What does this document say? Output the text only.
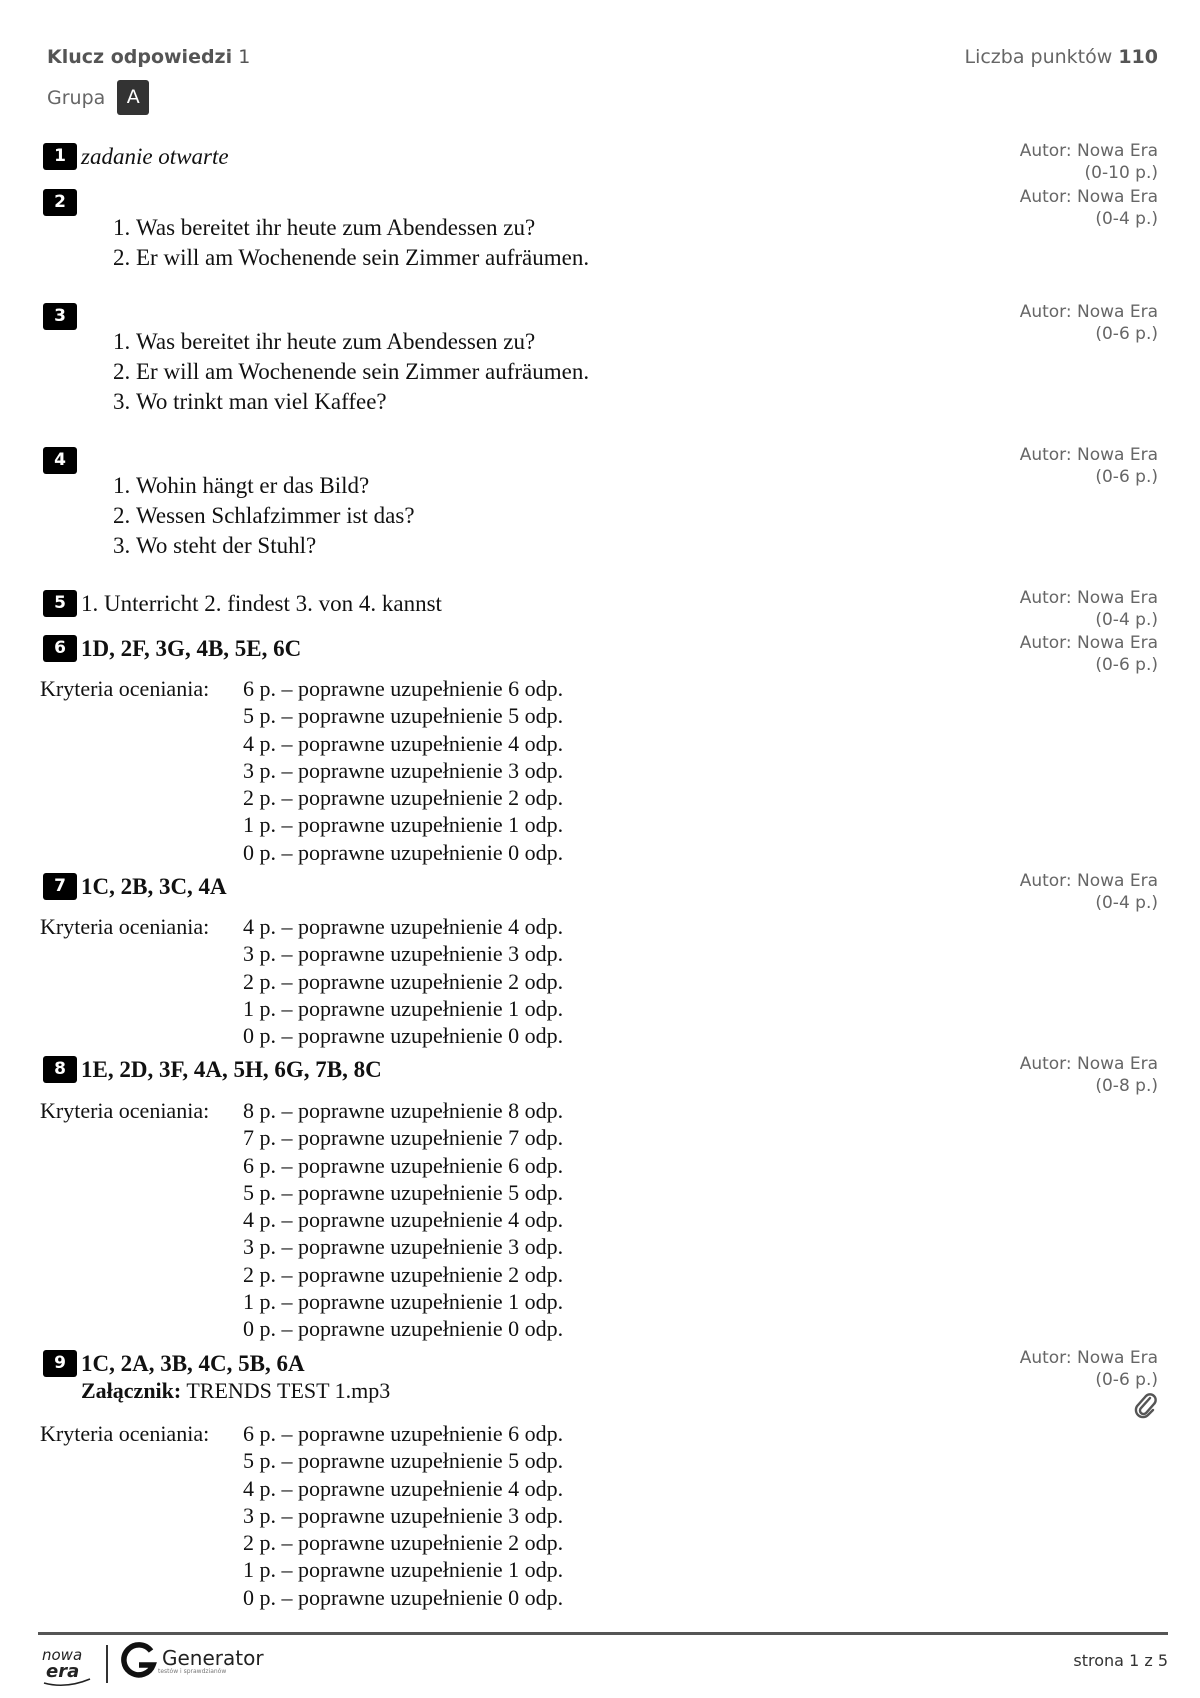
Klucz odpowiedzi 1
Grupa	A
Liczba punktów 110
1 zadanie otwarte	Autor: Nowa Era
(0-10 p.)
2
1. Was bereitet ihr heute zum Abendessen zu?
2. Er will am Wochenende sein Zimmer aufräumen.
Autor: Nowa Era
(0-4 p.)
3
1. Was bereitet ihr heute zum Abendessen zu?
2. Er will am Wochenende sein Zimmer aufräumen.
3. Wo trinkt man viel Kaffee?
Autor: Nowa Era
(0-6 p.)
4
1. Wohin hängt er das Bild?
2. Wessen Schlafzimmer ist das?
3. Wo steht der Stuhl?
Autor: Nowa Era
(0-6 p.)
5 1. Unterricht 2. findest 3. von 4. kannst	Autor: Nowa Era
(0-4 p.)
6 1D, 2F, 3G, 4B, 5E, 6C	Autor: Nowa Era
(0-6 p.)
Kryteria oceniania: 6 p. – poprawne uzupełnienie 6 odp.
5 p. – poprawne uzupełnienie 5 odp.
4 p. – poprawne uzupełnienie 4 odp.
3 p. – poprawne uzupełnienie 3 odp.
2 p. – poprawne uzupełnienie 2 odp.
1 p. – poprawne uzupełnienie 1 odp.
0 p. – poprawne uzupełnienie 0 odp.
7 1C, 2B, 3C, 4A	Autor: Nowa Era
(0-4 p.)
Kryteria oceniania: 4 p. – poprawne uzupełnienie 4 odp.
3 p. – poprawne uzupełnienie 3 odp.
2 p. – poprawne uzupełnienie 2 odp.
1 p. – poprawne uzupełnienie 1 odp.
0 p. – poprawne uzupełnienie 0 odp.
8 1E, 2D, 3F, 4A, 5H, 6G, 7B, 8C	Autor: Nowa Era
(0-8 p.)
Kryteria oceniania: 8 p. – poprawne uzupełnienie 8 odp.
7 p. – poprawne uzupełnienie 7 odp.
6 p. – poprawne uzupełnienie 6 odp.
5 p. – poprawne uzupełnienie 5 odp.
4 p. – poprawne uzupełnienie 4 odp.
3 p. – poprawne uzupełnienie 3 odp.
2 p. – poprawne uzupełnienie 2 odp.
1 p. – poprawne uzupełnienie 1 odp.
0 p. – poprawne uzupełnienie 0 odp.
9 1C, 2A, 3B, 4C, 5B, 6A
Załącznik: TRENDS TEST 1.mp3
Autor: Nowa Era
(0-6 p.)
Kryteria oceniania: 6 p. – poprawne uzupełnienie 6 odp.
5 p. – poprawne uzupełnienie 5 odp.
4 p. – poprawne uzupełnienie 4 odp.
3 p. – poprawne uzupełnienie 3 odp.
2 p. – poprawne uzupełnienie 2 odp.
1 p. – poprawne uzupełnienie 1 odp.
0 p. – poprawne uzupełnienie 0 odp.
nowa
era
Generator
testów i sprawdzianów
strona 1 z 5
